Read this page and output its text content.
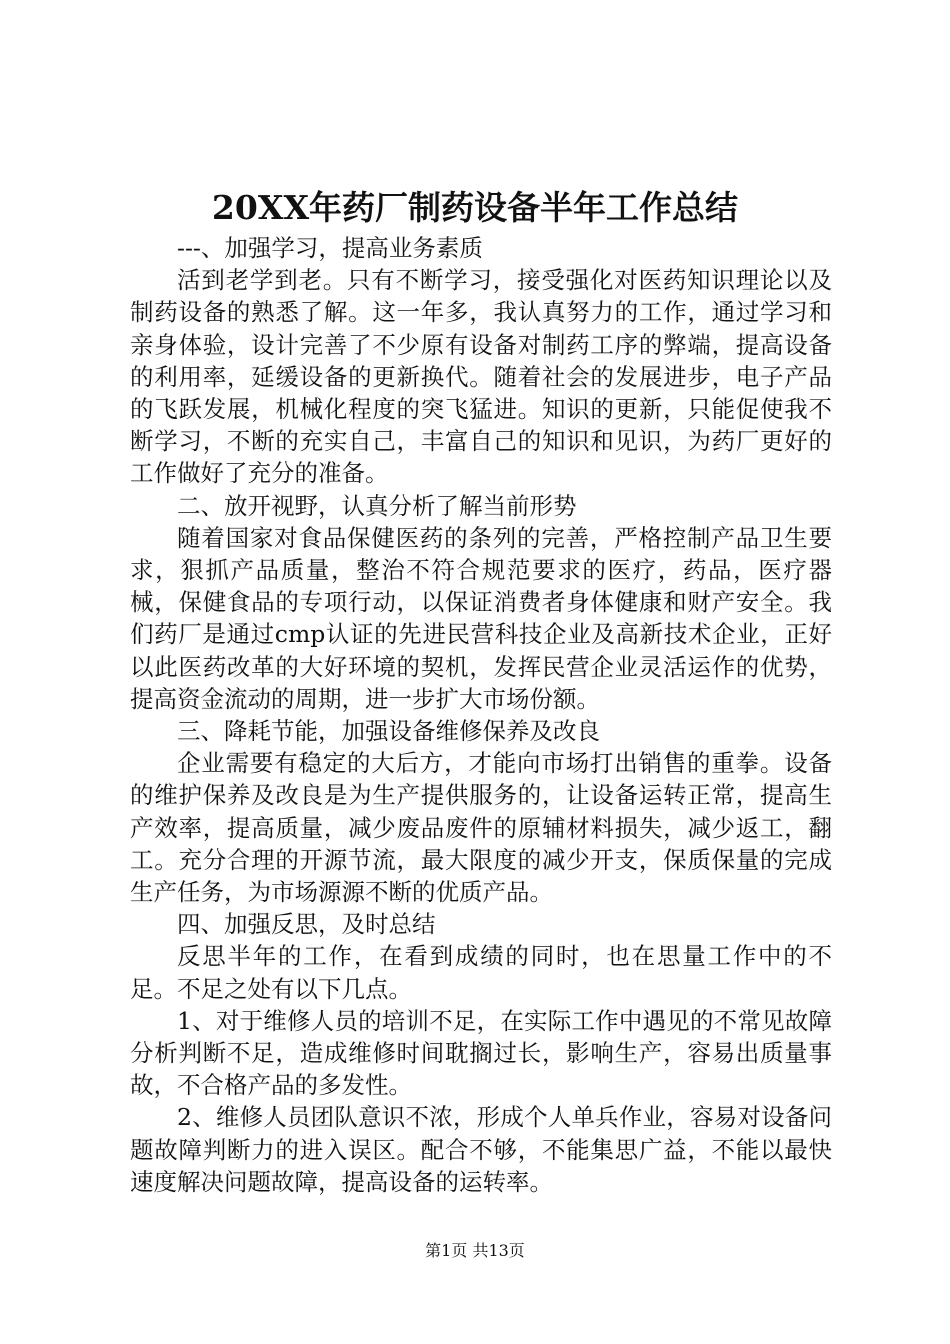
20XX年药厂制药设备半年工作总结

---、加强学习，提高业务素质

活到老学到老。只有不断学习，接受强化对医药知识理论以及制药设备的熟悉了解。这一年多，我认真努力的工作，通过学习和亲身体验，设计完善了不少原有设备对制药工序的弊端，提高设备的利用率，延缓设备的更新换代。随着社会的发展进步，电子产品的飞跃发展，机械化程度的突飞猛进。知识的更新，只能促使我不断学习，不断的充实自己，丰富自己的知识和见识，为药厂更好的工作做好了充分的准备。

二、放开视野，认真分析了解当前形势

随着国家对食品保健医药的条列的完善，严格控制产品卫生要求，狠抓产品质量，整治不符合规范要求的医疗，药品，医疗器械，保健食品的专项行动，以保证消费者身体健康和财产安全。我们药厂是通过cmp认证的先进民营科技企业及高新技术企业，正好以此医药改革的大好环境的契机，发挥民营企业灵活运作的优势，提高资金流动的周期，进一步扩大市场份额。

三、降耗节能，加强设备维修保养及改良

企业需要有稳定的大后方，才能向市场打出销售的重拳。设备的维护保养及改良是为生产提供服务的，让设备运转正常，提高生产效率，提高质量，减少废品废件的原辅材料损失，减少返工，翻工。充分合理的开源节流，最大限度的减少开支，保质保量的完成生产任务，为市场源源不断的优质产品。

四、加强反思，及时总结

反思半年的工作，在看到成绩的同时，也在思量工作中的不足。不足之处有以下几点。

1、对于维修人员的培训不足，在实际工作中遇见的不常见故障分析判断不足，造成维修时间耽搁过长，影响生产，容易出质量事故，不合格产品的多发性。

2、维修人员团队意识不浓，形成个人单兵作业，容易对设备问题故障判断力的进入误区。配合不够，不能集思广益，不能以最快速度解决问题故障，提高设备的运转率。

第1页 共13页
